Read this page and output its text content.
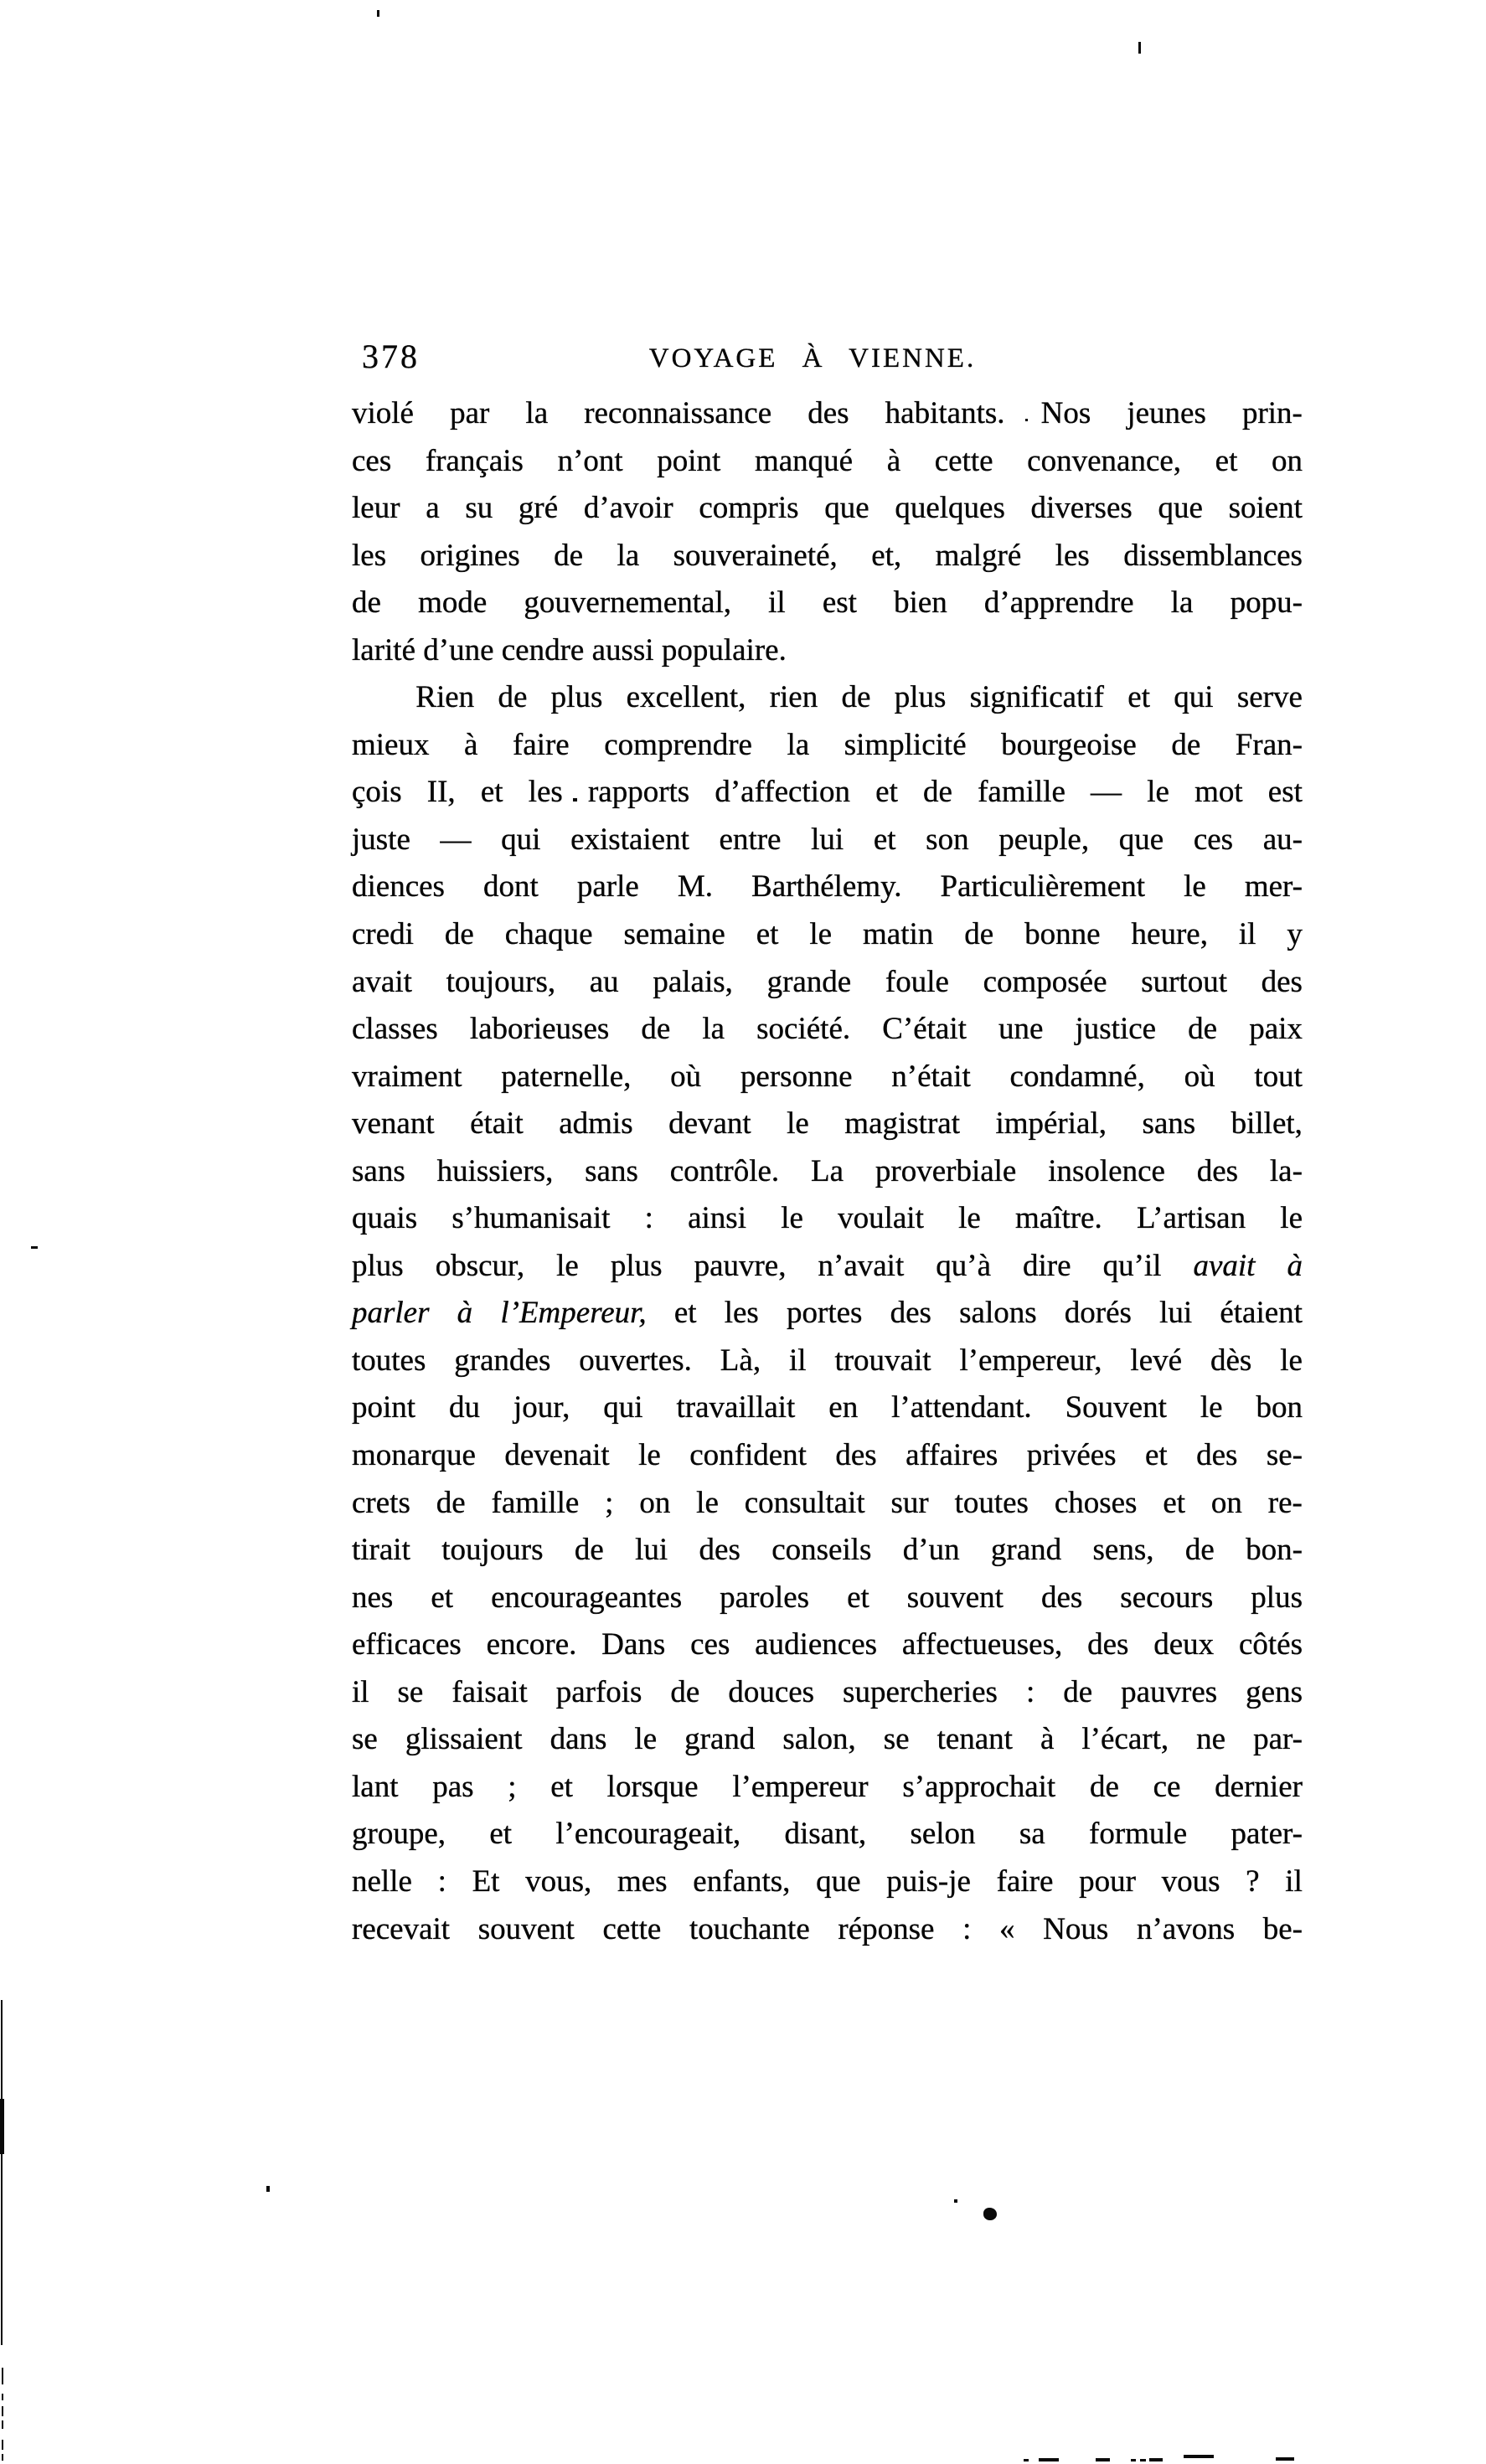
378	VOYAGE À VIENNE.
violé par la reconnaissance des habitants. Nos jeunes prin-
ces français n’ont point manqué à cette convenance, et on
leur a su gré d’avoir compris que quelques diverses que soient
les origines de la souveraineté, et, malgré les dissemblances
de mode gouvernemental, il est bien d’apprendre la popu-
larité d’une cendre aussi populaire.
Rien de plus excellent, rien de plus significatif et qui serve
mieux à faire comprendre la simplicité bourgeoise de Fran-
çois II, et les rapports d’affection et de famille — le mot est
juste — qui existaient entre lui et son peuple, que ces au-
diences dont parle M. Barthélemy. Particulièrement le mer-
credi de chaque semaine et le matin de bonne heure, il y
avait toujours, au palais, grande foule composée surtout des
classes laborieuses de la société. C’était une justice de paix
vraiment paternelle, où personne n’était condamné, où tout
venant était admis devant le magistrat impérial, sans billet,
sans huissiers, sans contrôle. La proverbiale insolence des la-
quais s’humanisait : ainsi le voulait le maître. L’artisan le
plus obscur, le plus pauvre, n’avait qu’à dire qu’il avait à
parler à l’Empereur, et les portes des salons dorés lui étaient
toutes grandes ouvertes. Là, il trouvait l’empereur, levé dès le
point du jour, qui travaillait en l’attendant. Souvent le bon
monarque devenait le confident des affaires privées et des se-
crets de famille ; on le consultait sur toutes choses et on re-
tirait toujours de lui des conseils d’un grand sens, de bon-
nes et encourageantes paroles et souvent des secours plus
efficaces encore. Dans ces audiences affectueuses, des deux côtés
il se faisait parfois de douces supercheries : de pauvres gens
se glissaient dans le grand salon, se tenant à l’écart, ne par-
lant pas ; et lorsque l’empereur s’approchait de ce dernier
groupe, et l’encourageait, disant, selon sa formule pater-
nelle : Et vous, mes enfants, que puis-je faire pour vous ? il
recevait souvent cette touchante réponse : « Nous n’avons be-
